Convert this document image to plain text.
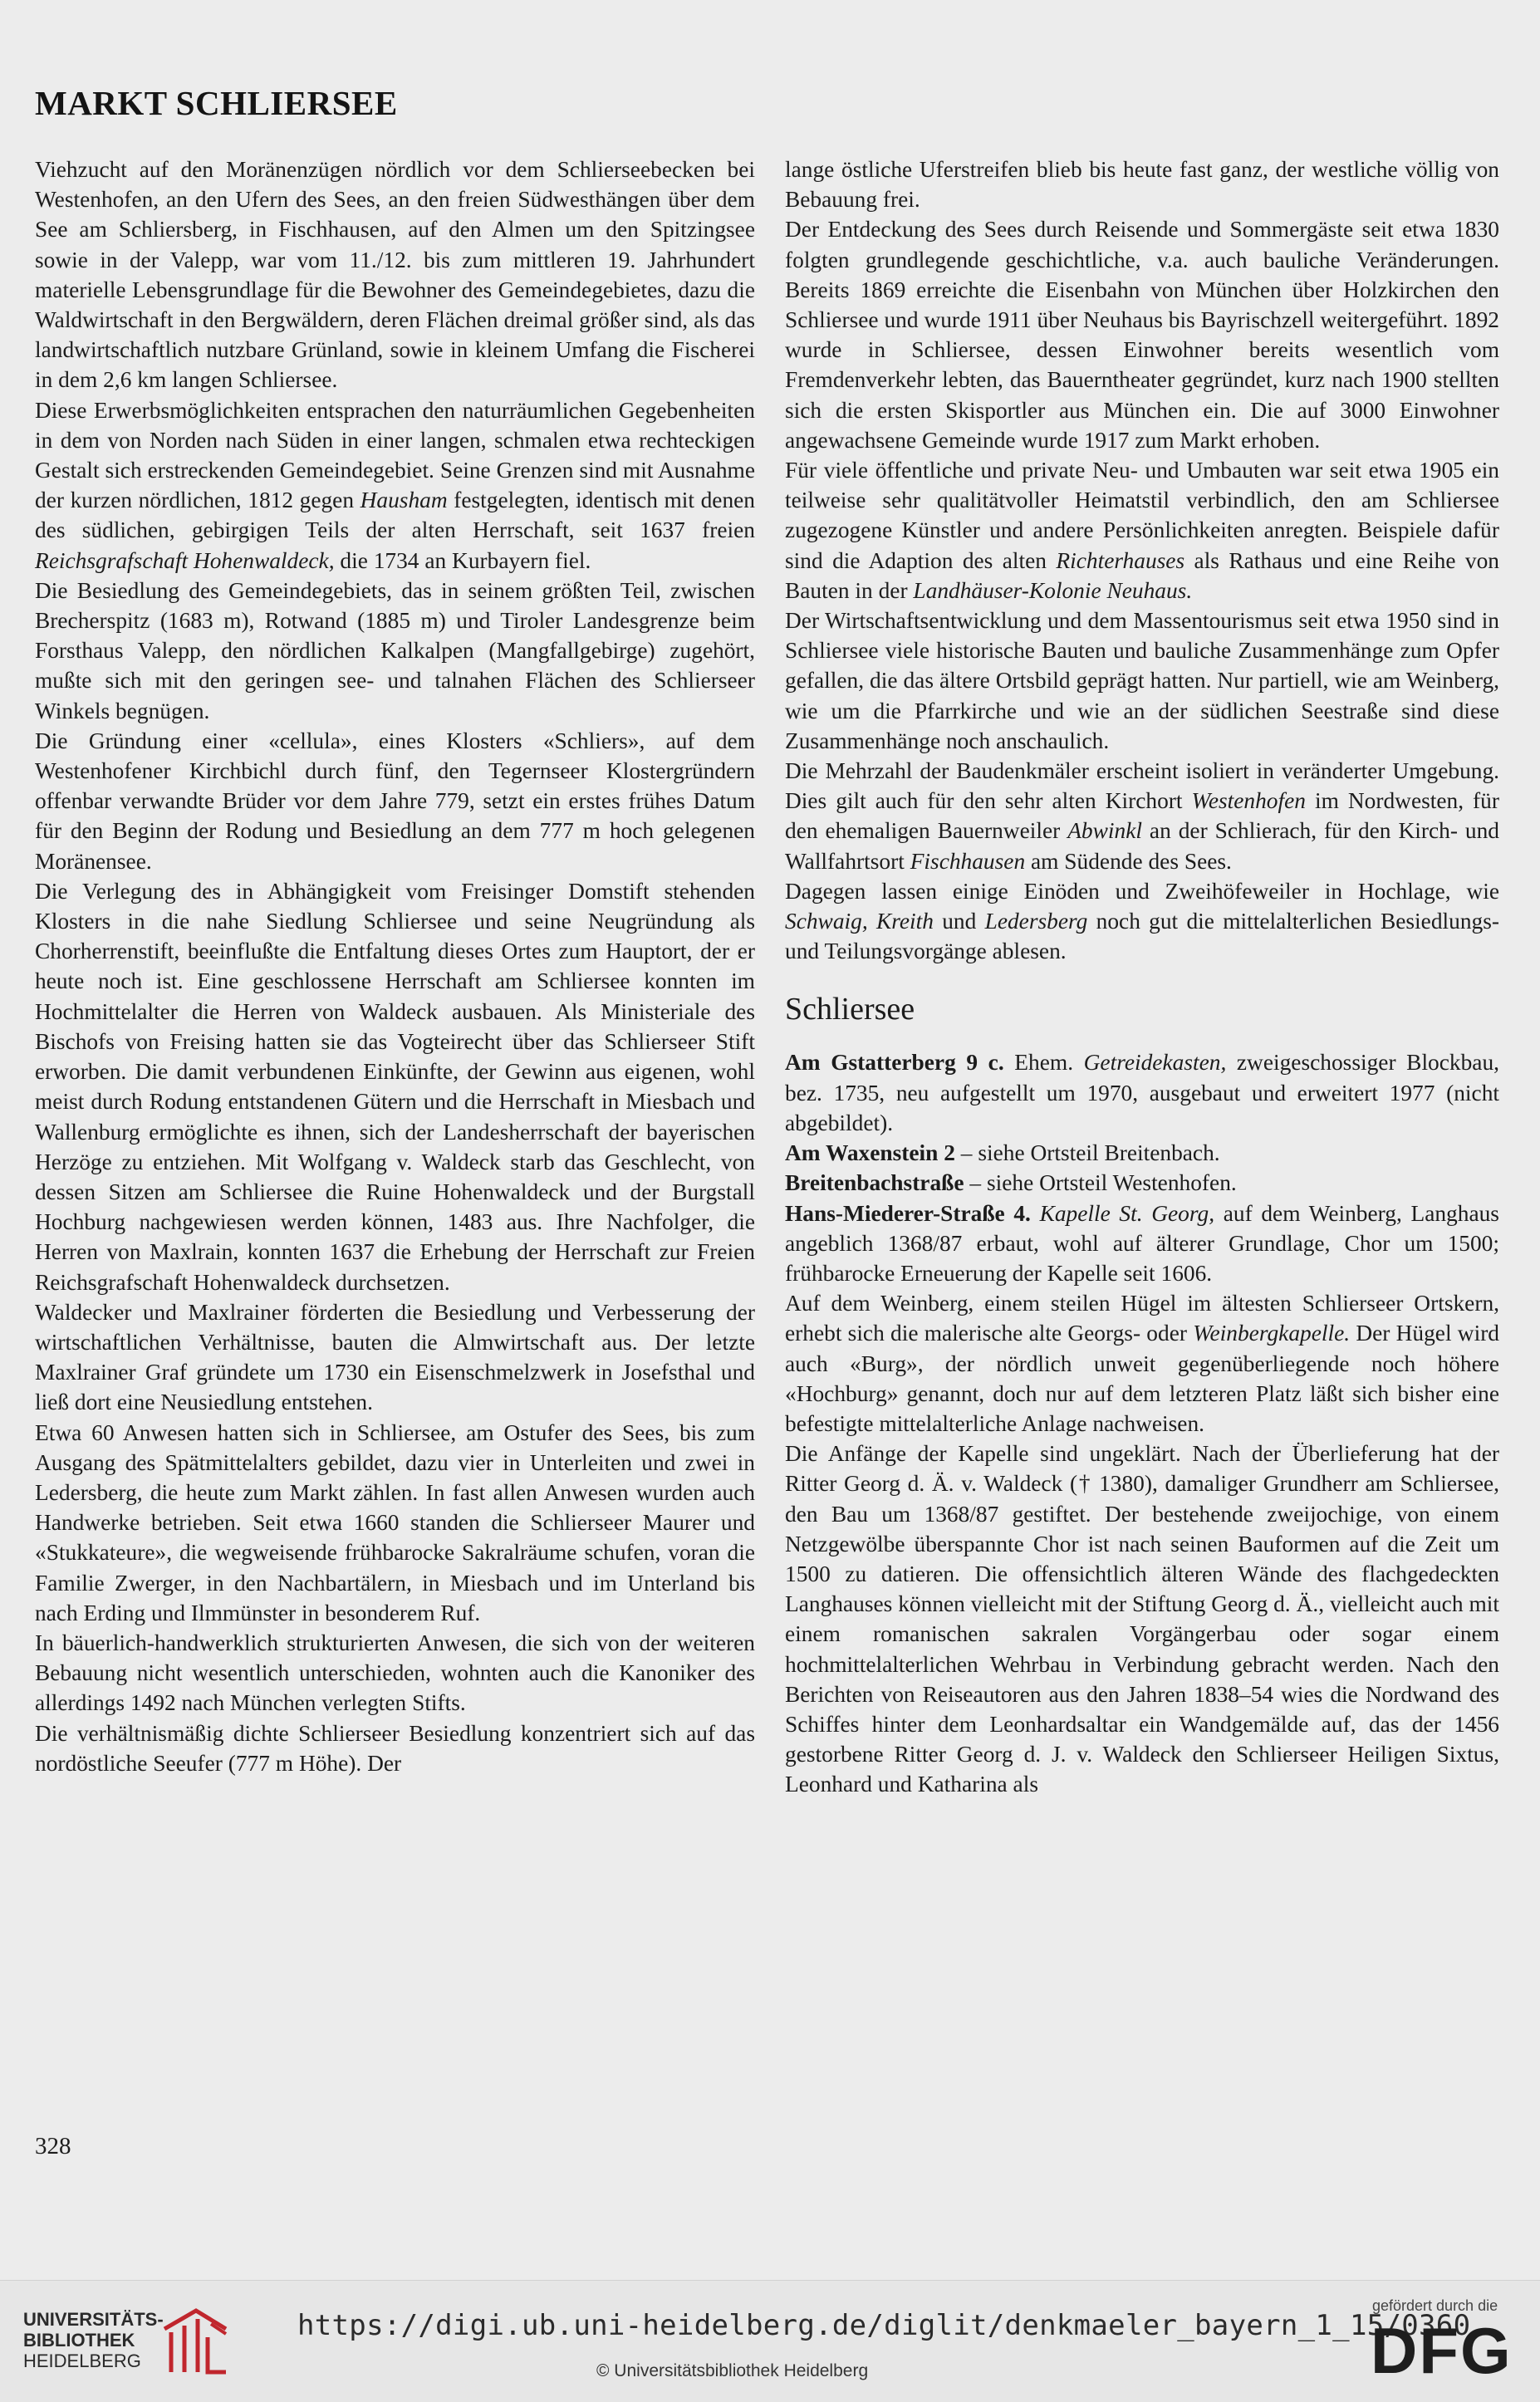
MARKT SCHLIERSEE

Viehzucht auf den Moränenzügen nördlich vor dem Schlierseebecken bei Westenhofen, an den Ufern des Sees, an den freien Südwesthängen über dem See am Schliersberg, in Fischhausen, auf den Almen um den Spitzingsee sowie in der Valepp, war vom 11./12. bis zum mittleren 19. Jahrhundert materielle Lebensgrundlage für die Bewohner des Gemeindegebietes, dazu die Waldwirtschaft in den Bergwäldern, deren Flächen dreimal größer sind, als das landwirtschaftlich nutzbare Grünland, sowie in kleinem Umfang die Fischerei in dem 2,6 km langen Schliersee.

Diese Erwerbsmöglichkeiten entsprachen den naturräumlichen Gegebenheiten in dem von Norden nach Süden in einer langen, schmalen etwa rechteckigen Gestalt sich erstreckenden Gemeindegebiet. Seine Grenzen sind mit Ausnahme der kurzen nördlichen, 1812 gegen Hausham festgelegten, identisch mit denen des südlichen, gebirgigen Teils der alten Herrschaft, seit 1637 freien Reichsgrafschaft Hohenwaldeck, die 1734 an Kurbayern fiel.

Die Besiedlung des Gemeindegebiets, das in seinem größten Teil, zwischen Brecherspitz (1683 m), Rotwand (1885 m) und Tiroler Landesgrenze beim Forsthaus Valepp, den nördlichen Kalkalpen (Mangfallgebirge) zugehört, mußte sich mit den geringen see- und talnahen Flächen des Schlierseer Winkels begnügen.

Die Gründung einer «cellula», eines Klosters «Schliers», auf dem Westenhofener Kirchbichl durch fünf, den Tegernseer Klostergründern offenbar verwandte Brüder vor dem Jahre 779, setzt ein erstes frühes Datum für den Beginn der Rodung und Besiedlung an dem 777 m hoch gelegenen Moränensee.

Die Verlegung des in Abhängigkeit vom Freisinger Domstift stehenden Klosters in die nahe Siedlung Schliersee und seine Neugründung als Chorherrenstift, beeinflußte die Entfaltung dieses Ortes zum Hauptort, der er heute noch ist. Eine geschlossene Herrschaft am Schliersee konnten im Hochmittelalter die Herren von Waldeck ausbauen. Als Ministeriale des Bischofs von Freising hatten sie das Vogteirecht über das Schlierseer Stift erworben. Die damit verbundenen Einkünfte, der Gewinn aus eigenen, wohl meist durch Rodung entstandenen Gütern und die Herrschaft in Miesbach und Wallenburg ermöglichte es ihnen, sich der Landesherrschaft der bayerischen Herzöge zu entziehen. Mit Wolfgang v. Waldeck starb das Geschlecht, von dessen Sitzen am Schliersee die Ruine Hohenwaldeck und der Burgstall Hochburg nachgewiesen werden können, 1483 aus. Ihre Nachfolger, die Herren von Maxlrain, konnten 1637 die Erhebung der Herrschaft zur Freien Reichsgrafschaft Hohenwaldeck durchsetzen.

Waldecker und Maxlrainer förderten die Besiedlung und Verbesserung der wirtschaftlichen Verhältnisse, bauten die Almwirtschaft aus. Der letzte Maxlrainer Graf gründete um 1730 ein Eisenschmelzwerk in Josefsthal und ließ dort eine Neusiedlung entstehen.

Etwa 60 Anwesen hatten sich in Schliersee, am Ostufer des Sees, bis zum Ausgang des Spätmittelalters gebildet, dazu vier in Unterleiten und zwei in Ledersberg, die heute zum Markt zählen. In fast allen Anwesen wurden auch Handwerke betrieben. Seit etwa 1660 standen die Schlierseer Maurer und «Stukkateure», die wegweisende frühbarocke Sakralräume schufen, voran die Familie Zwerger, in den Nachbartälern, in Miesbach und im Unterland bis nach Erding und Ilmmünster in besonderem Ruf.

In bäuerlich-handwerklich strukturierten Anwesen, die sich von der weiteren Bebauung nicht wesentlich unterschieden, wohnten auch die Kanoniker des allerdings 1492 nach München verlegten Stifts.

Die verhältnismäßig dichte Schlierseer Besiedlung konzentriert sich auf das nordöstliche Seeufer (777 m Höhe). Der

lange östliche Uferstreifen blieb bis heute fast ganz, der westliche völlig von Bebauung frei.

Der Entdeckung des Sees durch Reisende und Sommergäste seit etwa 1830 folgten grundlegende geschichtliche, v.a. auch bauliche Veränderungen. Bereits 1869 erreichte die Eisenbahn von München über Holzkirchen den Schliersee und wurde 1911 über Neuhaus bis Bayrischzell weitergeführt. 1892 wurde in Schliersee, dessen Einwohner bereits wesentlich vom Fremdenverkehr lebten, das Bauerntheater gegründet, kurz nach 1900 stellten sich die ersten Skisportler aus München ein. Die auf 3000 Einwohner angewachsene Gemeinde wurde 1917 zum Markt erhoben.

Für viele öffentliche und private Neu- und Umbauten war seit etwa 1905 ein teilweise sehr qualitätvoller Heimatstil verbindlich, den am Schliersee zugezogene Künstler und andere Persönlichkeiten anregten. Beispiele dafür sind die Adaption des alten Richterhauses als Rathaus und eine Reihe von Bauten in der Landhäuser-Kolonie Neuhaus.

Der Wirtschaftsentwicklung und dem Massentourismus seit etwa 1950 sind in Schliersee viele historische Bauten und bauliche Zusammenhänge zum Opfer gefallen, die das ältere Ortsbild geprägt hatten. Nur partiell, wie am Weinberg, wie um die Pfarrkirche und wie an der südlichen Seestraße sind diese Zusammenhänge noch anschaulich.

Die Mehrzahl der Baudenkmäler erscheint isoliert in veränderter Umgebung. Dies gilt auch für den sehr alten Kirchort Westenhofen im Nordwesten, für den ehemaligen Bauernweiler Abwinkl an der Schlierach, für den Kirch- und Wallfahrtsort Fischhausen am Südende des Sees.

Dagegen lassen einige Einöden und Zweihöfeweiler in Hochlage, wie Schwaig, Kreith und Ledersberg noch gut die mittelalterlichen Besiedlungs- und Teilungsvorgänge ablesen.

Schliersee

Am Gstatterberg 9 c. Ehem. Getreidekasten, zweigeschossiger Blockbau, bez. 1735, neu aufgestellt um 1970, ausgebaut und erweitert 1977 (nicht abgebildet).

Am Waxenstein 2 – siehe Ortsteil Breitenbach.

Breitenbachstraße – siehe Ortsteil Westenhofen.

Hans-Miederer-Straße 4. Kapelle St. Georg, auf dem Weinberg, Langhaus angeblich 1368/87 erbaut, wohl auf älterer Grundlage, Chor um 1500; frühbarocke Erneuerung der Kapelle seit 1606.

Auf dem Weinberg, einem steilen Hügel im ältesten Schlierseer Ortskern, erhebt sich die malerische alte Georgs- oder Weinbergkapelle. Der Hügel wird auch «Burg», der nördlich unweit gegenüberliegende noch höhere «Hochburg» genannt, doch nur auf dem letzteren Platz läßt sich bisher eine befestigte mittelalterliche Anlage nachweisen.

Die Anfänge der Kapelle sind ungeklärt. Nach der Überlieferung hat der Ritter Georg d. Ä. v. Waldeck († 1380), damaliger Grundherr am Schliersee, den Bau um 1368/87 gestiftet. Der bestehende zweijochige, von einem Netzgewölbe überspannte Chor ist nach seinen Bauformen auf die Zeit um 1500 zu datieren. Die offensichtlich älteren Wände des flachgedeckten Langhauses können vielleicht mit der Stiftung Georg d. Ä., vielleicht auch mit einem romanischen sakralen Vorgängerbau oder sogar einem hochmittelalterlichen Wehrbau in Verbindung gebracht werden. Nach den Berichten von Reiseautoren aus den Jahren 1838–54 wies die Nordwand des Schiffes hinter dem Leonhardsaltar ein Wandgemälde auf, das der 1456 gestorbene Ritter Georg d. J. v. Waldeck den Schlierseer Heiligen Sixtus, Leonhard und Katharina als

328
UNIVERSITÄTS-
BIBLIOTHEK
HEIDELBERG
https://digi.ub.uni-heidelberg.de/diglit/denkmaeler_bayern_1_15/0360
© Universitätsbibliothek Heidelberg
gefördert durch die
DFG
